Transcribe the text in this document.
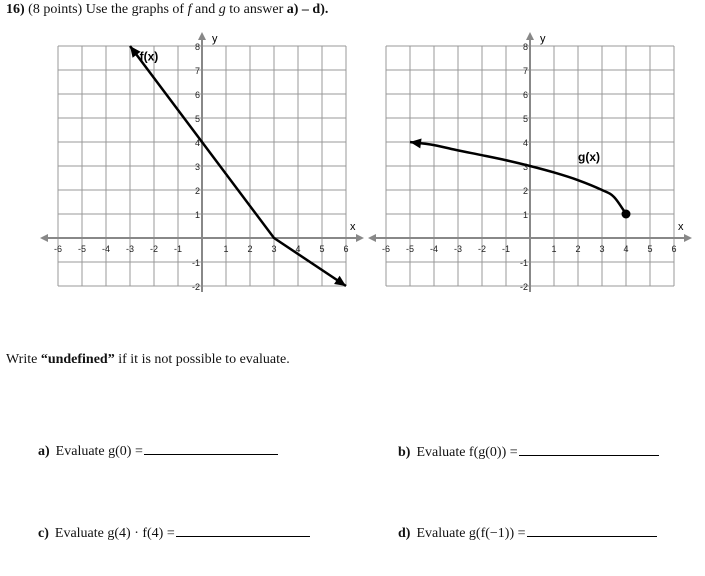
16) (8 points) Use the graphs of f and g to answer a) – d).
y
x
-6 -5 -4 -3 -2 -1	1 2 3 4 5 6
8
7
6
5
4
3
2
1
-1
-2
f(x)
y
x
-6 -5 -4 -3 -2 -1	1 2 3 4 5 6
8
7
6
5
4
3
2
1
-1
-2
g(x)
Write “undefined” if it is not possible to evaluate.
a) Evaluate g(0) =	b) Evaluate f(g(0)) =
c) Evaluate g(4) · f(4) =	d) Evaluate g(f(−1)) =
